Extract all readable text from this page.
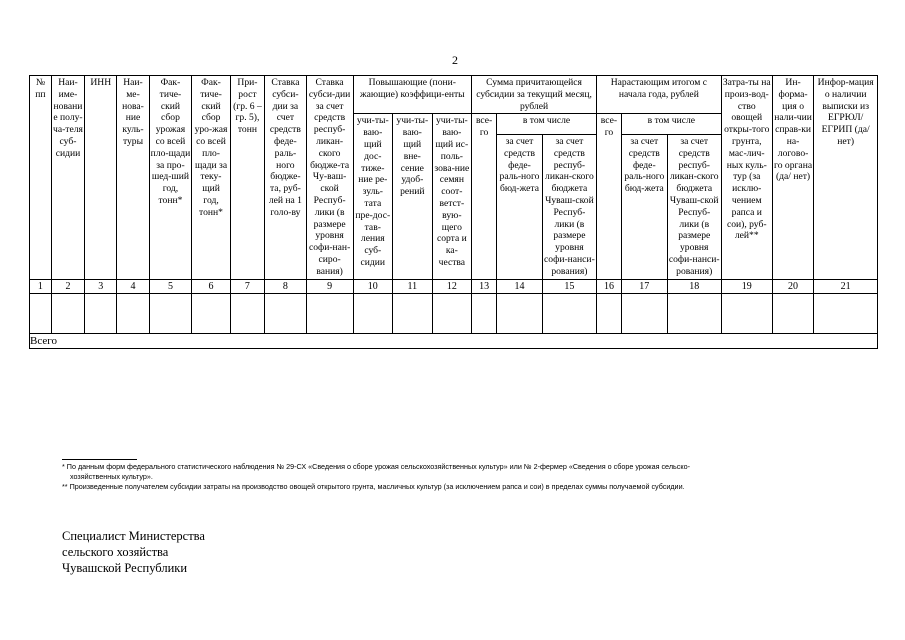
2
№ пп	Наи-име-нование полу-ча-теля суб-сидии	ИНН	Наи-ме-нова-ние куль-туры	Фак-тиче-ский сбор урожая со всей пло-щади за про-шед-ший год, тонн*	Фак-тиче-ский сбор уро-жая со всей пло-щади за теку-щий год, тонн*	При-рост (гр. 6 – гр. 5), тонн	Ставка субси-дии за счет средств феде-раль-ного бюдже-та, руб-лей на 1 голо-ву	Ставка субси-дии за счет средств респуб-ликан-ского бюдже-та Чу-ваш-ской Респуб-лики (в размере уровня софи-нан-сиро-вания)	Повышающие (пони-жающие) коэффици-енты			Сумма причитающейся субсидии за текущий месяц, рублей			Нарастающим итогом с начала года, рублей			Затра-ты на произ-вод-ство овощей откры-того грунта, мас-лич-ных куль-тур (за исклю-чением рапса и сои), руб-лей**	Ин-форма-ция о нали-чии справ-ки на-логово-го органа (да/ нет)	Инфор-мация о наличии выписки из ЕГРЮЛ/ ЕГРИП (да/нет)
									учи-ты-ваю-щий дос-тиже-ние ре-зуль-тата пре-дос-тав-ления суб-сидии	учи-ты-ваю-щий вне-сение удоб-рений	учи-ты-ваю-щий ис-поль-зова-ние семян соот-ветст-вую-щего сорта и ка-чества	все-го	в том числе		все-го	в том числе				
													за счет средств феде-раль-ного бюд-жета	за счет средств респуб-ликан-ского бюджета Чуваш-ской Респуб-лики (в размере уровня софи-нанси-рования)		за счет средств феде-раль-ного бюд-жета	за счет средств респуб-ликан-ского бюджета Чуваш-ской Респуб-лики (в размере уровня софи-нанси-рования)			
1	2	3	4	5	6	7	8	9	10	11	12	13	14	15	16	17	18	19	20	21

Всего																				

* По данным форм федерального статистического наблюдения № 29-СХ «Сведения о сборе урожая сельскохозяйственных культур» или № 2-фермер «Сведения о сборе урожая сельско-
хозяйственных культур».

** Произведенные получателем субсидии затраты на производство овощей открытого грунта, масличных культур (за исключением рапса и сои) в пределах суммы получаемой субсидии.

Специалист Министерства
сельского хозяйства
Чувашской Республики
